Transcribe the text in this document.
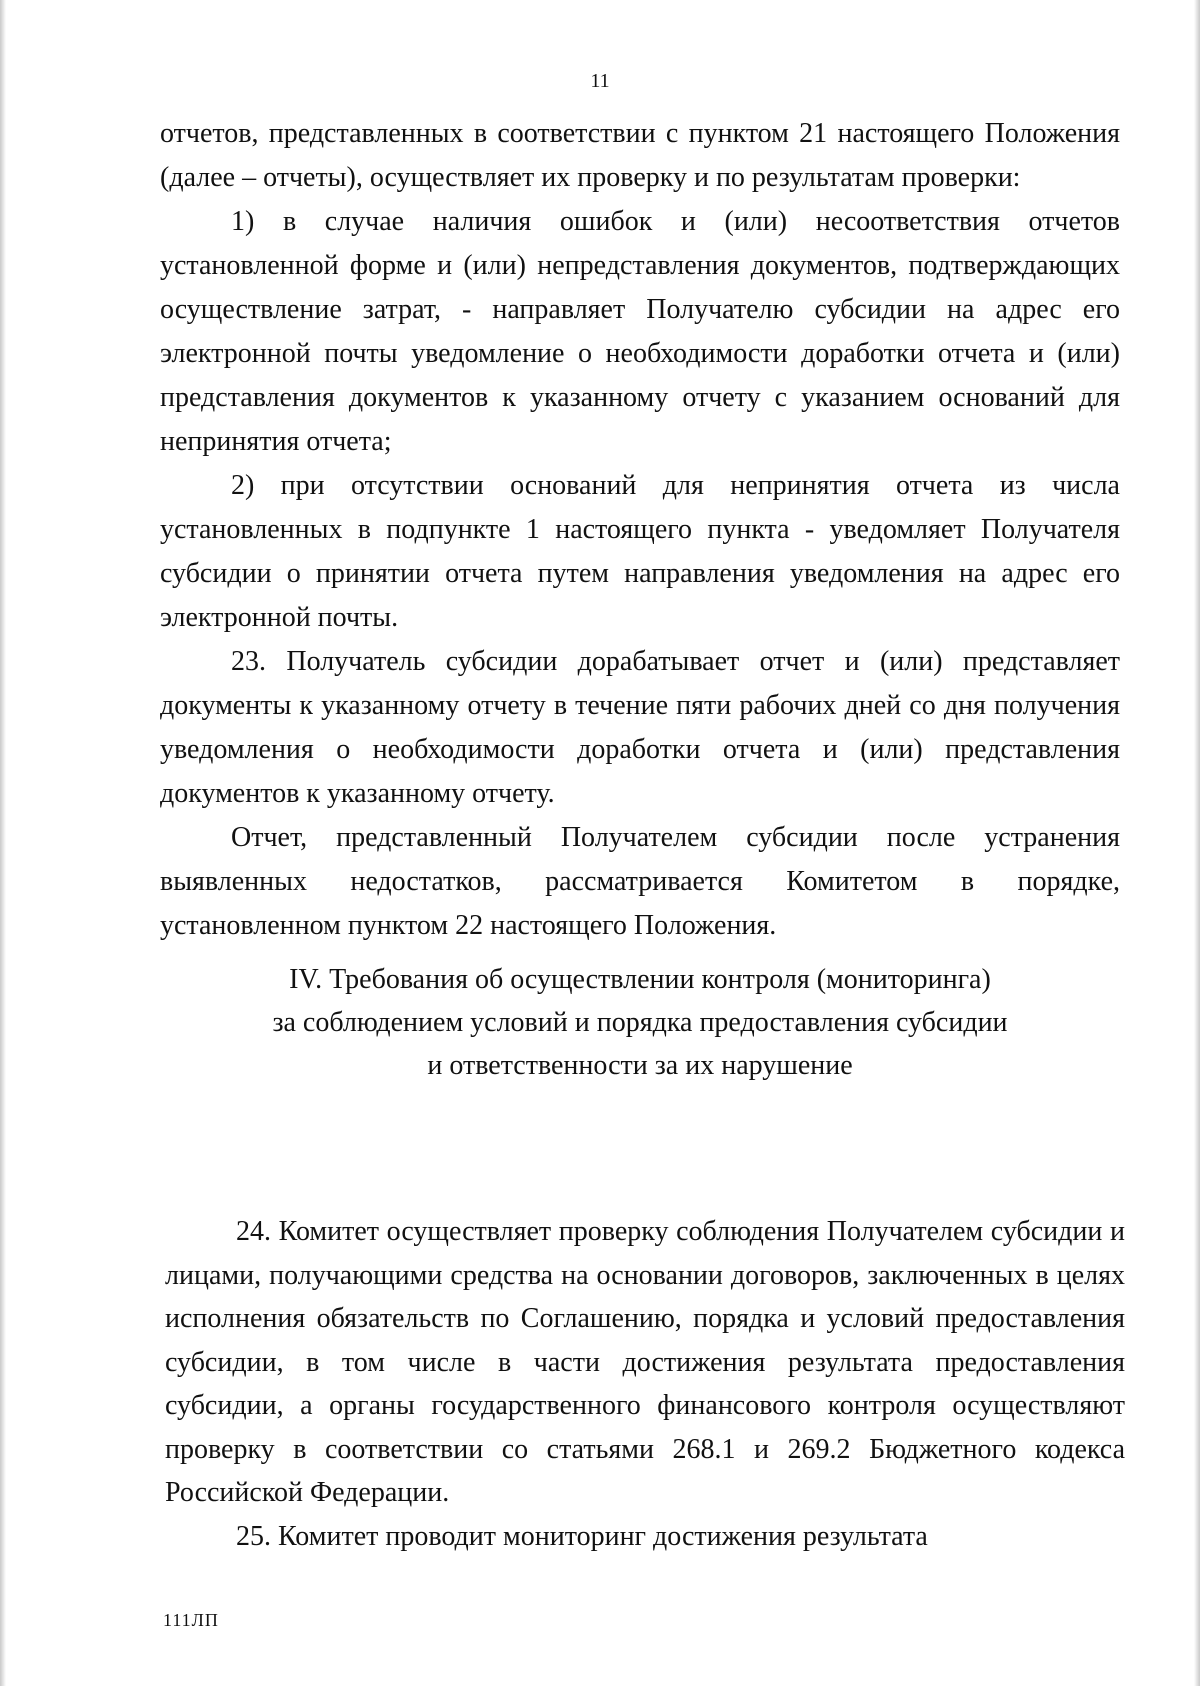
11

отчетов, представленных в соответствии с пунктом 21 настоящего Положения (далее – отчеты), осуществляет их проверку и по результатам проверки:

1) в случае наличия ошибок и (или) несоответствия отчетов установленной форме и (или) непредставления документов, подтверждающих осуществление затрат, - направляет Получателю субсидии на адрес его электронной почты уведомление о необходимости доработки отчета и (или) представления документов к указанному отчету с указанием оснований для непринятия отчета;

2) при отсутствии оснований для непринятия отчета из числа установленных в подпункте 1 настоящего пункта - уведомляет Получателя субсидии о принятии отчета путем направления уведомления на адрес его электронной почты.

23. Получатель субсидии дорабатывает отчет и (или) представляет документы к указанному отчету в течение пяти рабочих дней со дня получения уведомления о необходимости доработки отчета и (или) представления документов к указанному отчету.

Отчет, представленный Получателем субсидии после устранения выявленных недостатков, рассматривается Комитетом в порядке, установленном пунктом 22 настоящего Положения.

IV. Требования об осуществлении контроля (мониторинга)
за соблюдением условий и порядка предоставления субсидии
и ответственности за их нарушение

24. Комитет осуществляет проверку соблюдения Получателем субсидии и лицами, получающими средства на основании договоров, заключенных в целях исполнения обязательств по Соглашению, порядка и условий предоставления субсидии, в том числе в части достижения результата предоставления субсидии, а органы государственного финансового контроля осуществляют проверку в соответствии со статьями 268.1 и 269.2 Бюджетного кодекса Российской Федерации.

25. Комитет проводит мониторинг достижения результата

111ЛП
